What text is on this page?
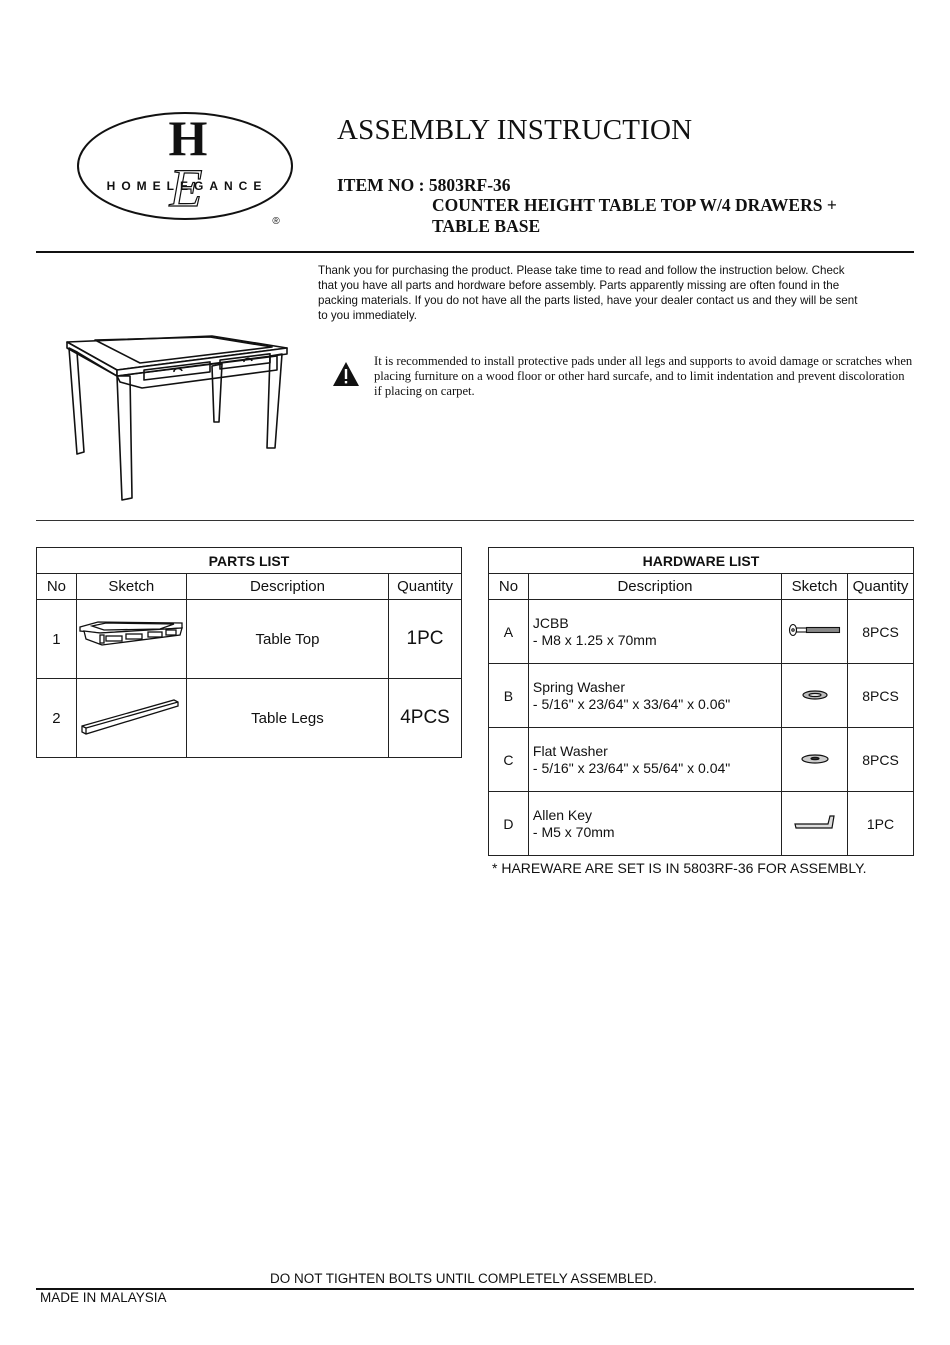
H
E
HOMELEGANCE
®
ASSEMBLY INSTRUCTION
ITEM NO : 5803RF-36
COUNTER HEIGHT TABLE TOP W/4 DRAWERS +
TABLE BASE
Thank you for purchasing the product. Please take time to read and follow the instruction below. Check that you have all parts and hordware before assembly. Parts apparently missing are often found in the packing materials. If you do not have all the parts listed, have your dealer contact us and they will be sent to you immediately.
It is recommended to install protective pads under all legs and supports to avoid damage or scratches when placing furniture on a wood floor or other hard surcafe, and to limit indentation and prevent discoloration if placing on carpet.
PARTS LIST			
No	Sketch	Description	Quantity
1		Table Top	1PC
2		Table Legs	4PCS
HARDWARE LIST			
No	Description	Sketch	Quantity
A	JCBB
- M8 x 1.25 x 70mm		8PCS
B	Spring Washer
- 5/16" x 23/64" x 33/64" x 0.06"		8PCS
C	Flat Washer
- 5/16" x 23/64" x 55/64" x 0.04"		8PCS
D	Allen Key
- M5 x 70mm		1PC
* HAREWARE ARE SET IS IN 5803RF-36 FOR ASSEMBLY.
DO NOT TIGHTEN BOLTS UNTIL COMPLETELY ASSEMBLED.
MADE IN MALAYSIA
